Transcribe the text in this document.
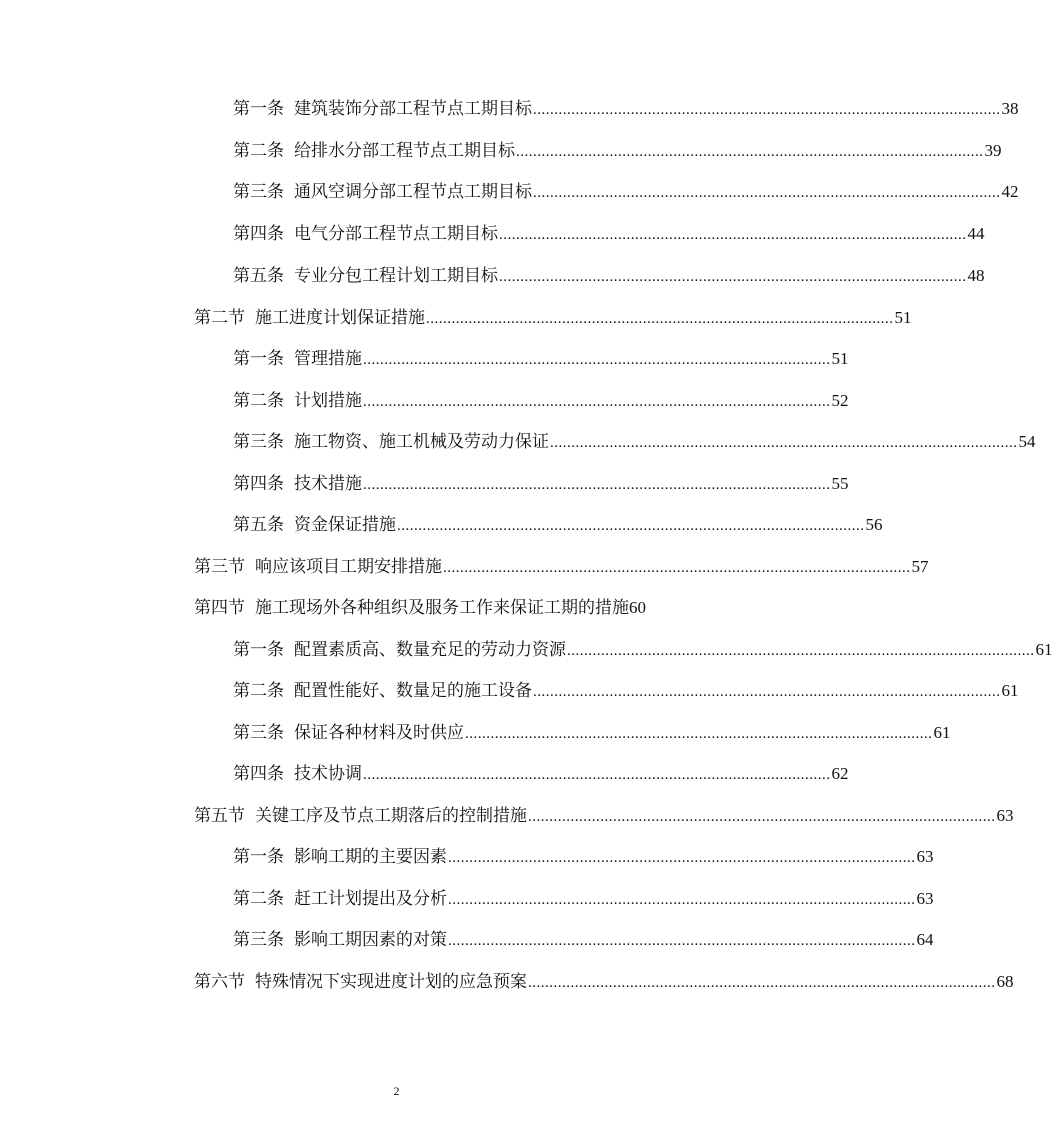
第一条 建筑装饰分部工程节点工期目标 .............................................................................................................. 38
第二条 给排水分部工程节点工期目标 .............................................................................................................. 39
第三条 通风空调分部工程节点工期目标 .............................................................................................................. 42
第四条 电气分部工程节点工期目标 .............................................................................................................. 44
第五条 专业分包工程计划工期目标 .............................................................................................................. 48
第二节 施工进度计划保证措施 .............................................................................................................. 51
第一条 管理措施 .............................................................................................................. 51
第二条 计划措施 .............................................................................................................. 52
第三条 施工物资、施工机械及劳动力保证 .............................................................................................................. 54
第四条 技术措施 .............................................................................................................. 55
第五条 资金保证措施 .............................................................................................................. 56
第三节 响应该项目工期安排措施 .............................................................................................................. 57
第四节 施工现场外各种组织及服务工作来保证工期的措施 60
第一条 配置素质高、数量充足的劳动力资源 .............................................................................................................. 61
第二条 配置性能好、数量足的施工设备 .............................................................................................................. 61
第三条 保证各种材料及时供应 .............................................................................................................. 61
第四条 技术协调 .............................................................................................................. 62
第五节 关键工序及节点工期落后的控制措施 .............................................................................................................. 63
第一条 影响工期的主要因素 .............................................................................................................. 63
第二条 赶工计划提出及分析 .............................................................................................................. 63
第三条 影响工期因素的对策 .............................................................................................................. 64
第六节 特殊情况下实现进度计划的应急预案 .............................................................................................................. 68
2
